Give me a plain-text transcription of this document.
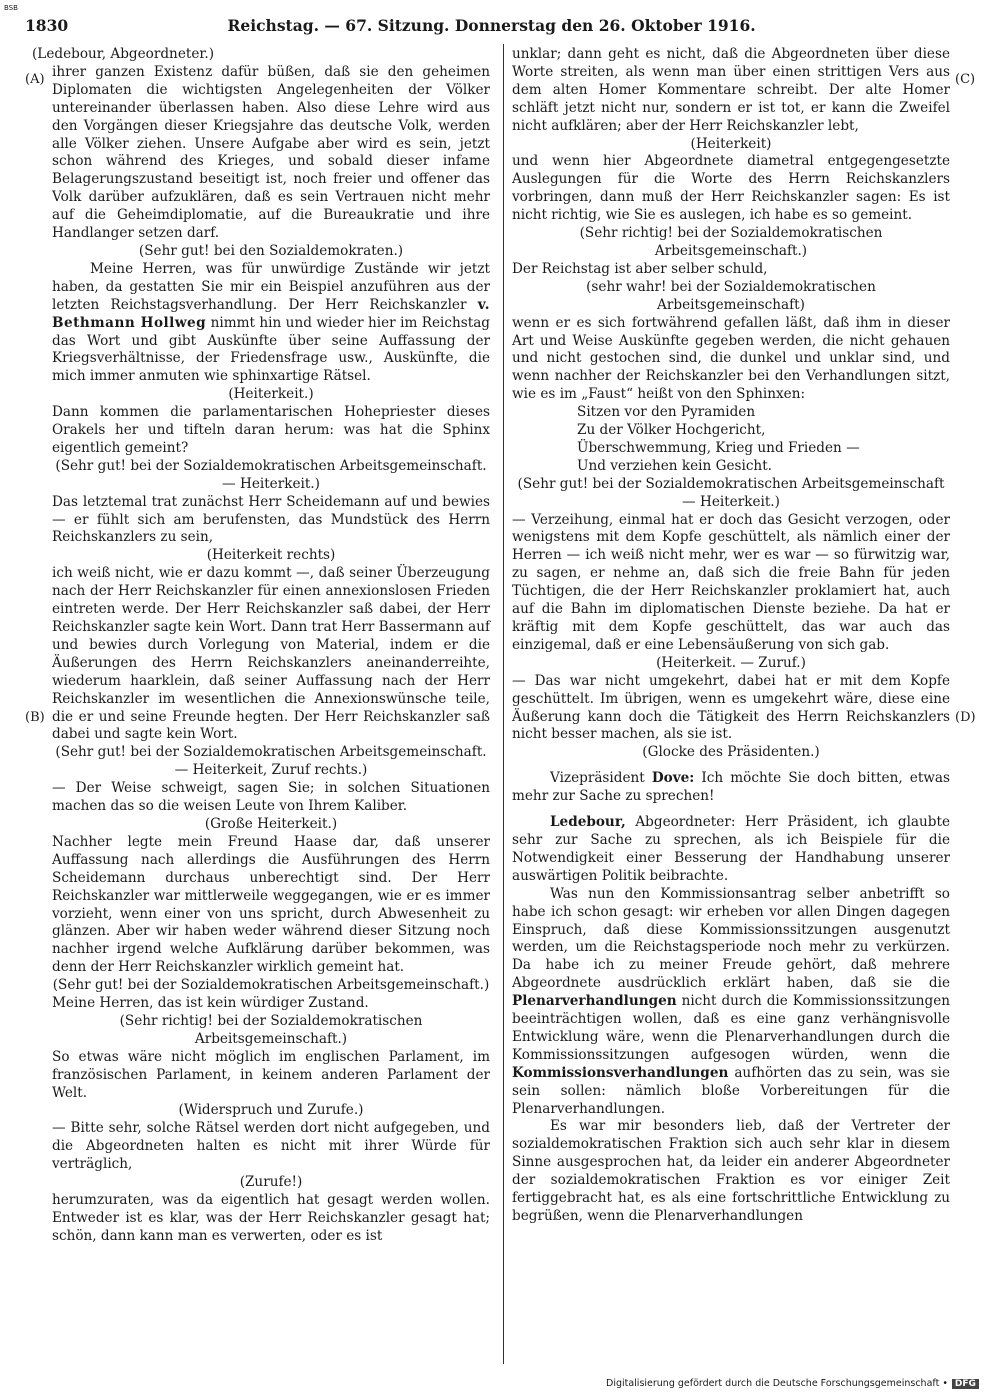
BSB
1830	Reichstag. — 67. Sitzung. Donnerstag den 26. Oktober 1916.
(A)
(B)
(C)
(D)

(Ledebour, Abgeordneter.)

ihrer ganzen Existenz dafür büßen, daß sie den geheimen Diplomaten die wichtigsten Angelegenheiten der Völker untereinander überlassen haben. Also diese Lehre wird aus den Vorgängen dieser Kriegsjahre das deutsche Volk, werden alle Völker ziehen. Unsere Aufgabe aber wird es sein, jetzt schon während des Krieges, und sobald dieser infame Belagerungszustand beseitigt ist, noch freier und offener das Volk darüber aufzuklären, daß es sein Vertrauen nicht mehr auf die Geheimdiplomatie, auf die Bureaukratie und ihre Handlanger setzen darf.

(Sehr gut! bei den Sozialdemokraten.)

Meine Herren, was für unwürdige Zustände wir jetzt haben, da gestatten Sie mir ein Beispiel anzuführen aus der letzten Reichstagsverhandlung. Der Herr Reichskanzler v. Bethmann Hollweg nimmt hin und wieder hier im Reichstag das Wort und gibt Auskünfte über seine Auffassung der Kriegsverhältnisse, der Friedensfrage usw., Auskünfte, die mich immer anmuten wie sphinxartige Rätsel.

(Heiterkeit.)

Dann kommen die parlamentarischen Hohepriester dieses Orakels her und tifteln daran herum: was hat die Sphinx eigentlich gemeint?

(Sehr gut! bei der Sozialdemokratischen Arbeitsgemeinschaft. — Heiterkeit.)

Das letztemal trat zunächst Herr Scheidemann auf und bewies — er fühlt sich am berufensten, das Mundstück des Herrn Reichskanzlers zu sein,

(Heiterkeit rechts)

ich weiß nicht, wie er dazu kommt —, daß seiner Überzeugung nach der Herr Reichskanzler für einen annexionslosen Frieden eintreten werde. Der Herr Reichskanzler saß dabei, der Herr Reichskanzler sagte kein Wort. Dann trat Herr Bassermann auf und bewies durch Vorlegung von Material, indem er die Äußerungen des Herrn Reichskanzlers aneinanderreihte, wiederum haarklein, daß seiner Auffassung nach der Herr Reichskanzler im wesentlichen die Annexionswünsche teile, die er und seine Freunde hegten. Der Herr Reichskanzler saß dabei und sagte kein Wort.

(Sehr gut! bei der Sozialdemokratischen Arbeitsgemeinschaft. — Heiterkeit, Zuruf rechts.)

— Der Weise schweigt, sagen Sie; in solchen Situationen machen das so die weisen Leute von Ihrem Kaliber.

(Große Heiterkeit.)

Nachher legte mein Freund Haase dar, daß unserer Auffassung nach allerdings die Ausführungen des Herrn Scheidemann durchaus unberechtigt sind. Der Herr Reichskanzler war mittlerweile weggegangen, wie er es immer vorzieht, wenn einer von uns spricht, durch Abwesenheit zu glänzen. Aber wir haben weder während dieser Sitzung noch nachher irgend welche Aufklärung darüber bekommen, was denn der Herr Reichskanzler wirklich gemeint hat.

(Sehr gut! bei der Sozialdemokratischen Arbeitsgemeinschaft.)

Meine Herren, das ist kein würdiger Zustand.

(Sehr richtig! bei der Sozialdemokratischen Arbeitsgemeinschaft.)

So etwas wäre nicht möglich im englischen Parlament, im französischen Parlament, in keinem anderen Parlament der Welt.

(Widerspruch und Zurufe.)

— Bitte sehr, solche Rätsel werden dort nicht aufgegeben, und die Abgeordneten halten es nicht mit ihrer Würde für verträglich,

(Zurufe!)

herumzuraten, was da eigentlich hat gesagt werden wollen. Entweder ist es klar, was der Herr Reichskanzler gesagt hat; schön, dann kann man es verwerten, oder es ist

unklar; dann geht es nicht, daß die Abgeordneten über diese Worte streiten, als wenn man über einen strittigen Vers aus dem alten Homer Kommentare schreibt. Der alte Homer schläft jetzt nicht nur, sondern er ist tot, er kann die Zweifel nicht aufklären; aber der Herr Reichskanzler lebt,

(Heiterkeit)

und wenn hier Abgeordnete diametral entgegengesetzte Auslegungen für die Worte des Herrn Reichskanzlers vorbringen, dann muß der Herr Reichskanzler sagen: Es ist nicht richtig, wie Sie es auslegen, ich habe es so gemeint.

(Sehr richtig! bei der Sozialdemokratischen Arbeitsgemeinschaft.)

Der Reichstag ist aber selber schuld,

(sehr wahr! bei der Sozialdemokratischen Arbeitsgemeinschaft)

wenn er es sich fortwährend gefallen läßt, daß ihm in dieser Art und Weise Auskünfte gegeben werden, die nicht gehauen und nicht gestochen sind, die dunkel und unklar sind, und wenn nachher der Reichskanzler bei den Verhandlungen sitzt, wie es im „Faust“ heißt von den Sphinxen:

Sitzen vor den Pyramiden

Zu der Völker Hochgericht,

Überschwemmung, Krieg und Frieden —

Und verziehen kein Gesicht.

(Sehr gut! bei der Sozialdemokratischen Arbeitsgemeinschaft — Heiterkeit.)

— Verzeihung, einmal hat er doch das Gesicht verzogen, oder wenigstens mit dem Kopfe geschüttelt, als nämlich einer der Herren — ich weiß nicht mehr, wer es war — so fürwitzig war, zu sagen, er nehme an, daß sich die freie Bahn für jeden Tüchtigen, die der Herr Reichskanzler proklamiert hat, auch auf die Bahn im diplomatischen Dienste beziehe. Da hat er kräftig mit dem Kopfe geschüttelt, das war auch das einzigemal, daß er eine Lebensäußerung von sich gab.

(Heiterkeit. — Zuruf.)

— Das war nicht umgekehrt, dabei hat er mit dem Kopfe geschüttelt. Im übrigen, wenn es umgekehrt wäre, diese eine Äußerung kann doch die Tätigkeit des Herrn Reichskanzlers nicht besser machen, als sie ist.

(Glocke des Präsidenten.)

Vizepräsident Dove: Ich möchte Sie doch bitten, etwas mehr zur Sache zu sprechen!

Ledebour, Abgeordneter: Herr Präsident, ich glaubte sehr zur Sache zu sprechen, als ich Beispiele für die Notwendigkeit einer Besserung der Handhabung unserer auswärtigen Politik beibrachte.

Was nun den Kommissionsantrag selber anbetrifft so habe ich schon gesagt: wir erheben vor allen Dingen dagegen Einspruch, daß diese Kommissionssitzungen ausgenutzt werden, um die Reichstagsperiode noch mehr zu verkürzen. Da habe ich zu meiner Freude gehört, daß mehrere Abgeordnete ausdrücklich erklärt haben, daß sie die Plenarverhandlungen nicht durch die Kommissionssitzungen beeinträchtigen wollen, daß es eine ganz verhängnisvolle Entwicklung wäre, wenn die Plenarverhandlungen durch die Kommissionssitzungen aufgesogen würden, wenn die Kommissionsverhandlungen aufhörten das zu sein, was sie sein sollen: nämlich bloße Vorbereitungen für die Plenarverhandlungen.

Es war mir besonders lieb, daß der Vertreter der sozialdemokratischen Fraktion sich auch sehr klar in diesem Sinne ausgesprochen hat, da leider ein anderer Abgeordneter der sozialdemokratischen Fraktion es vor einiger Zeit fertiggebracht hat, es als eine fortschrittliche Entwicklung zu begrüßen, wenn die Plenarverhandlungen

Digitalisierung gefördert durch die Deutsche Forschungsgemeinschaft • DFG
